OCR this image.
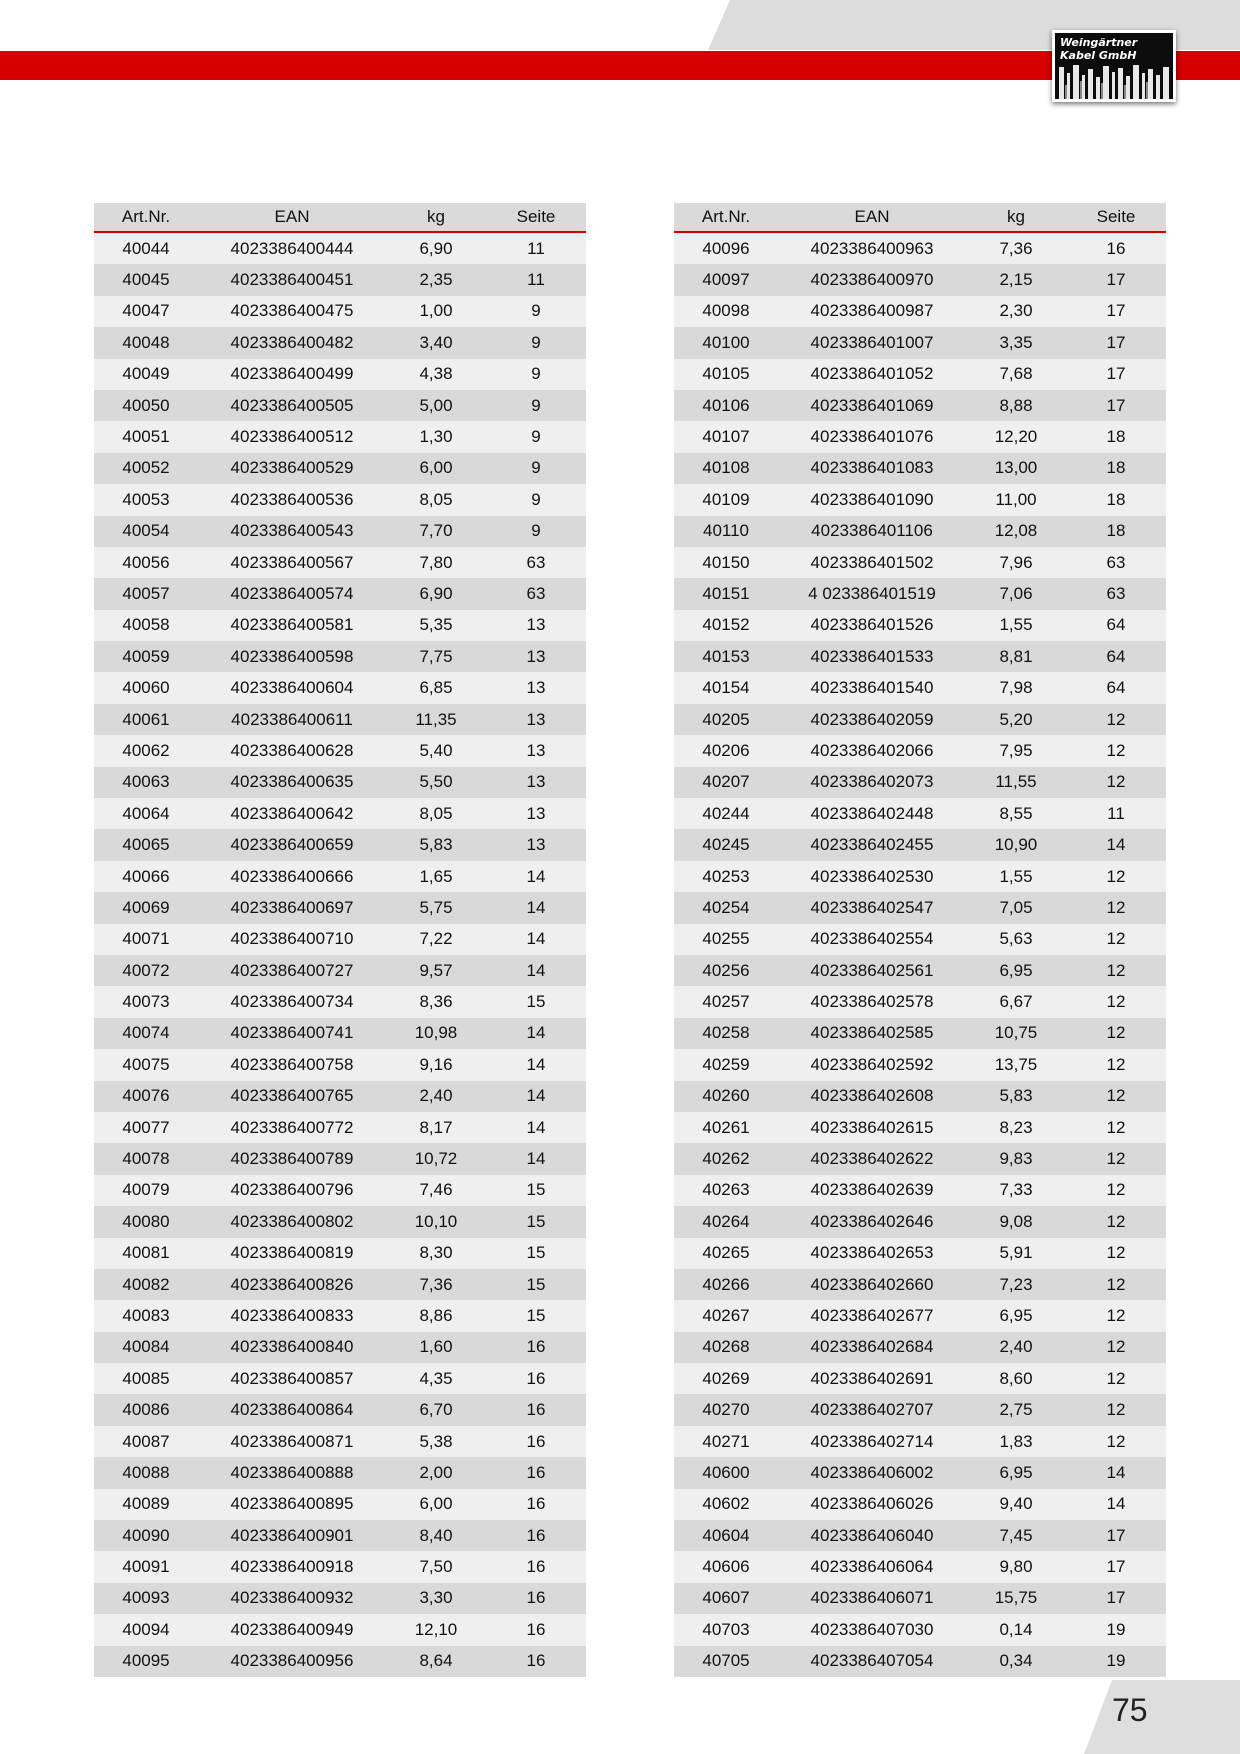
Weingärtner
Kabel GmbH
Art.Nr.	EAN	kg	Seite
40044	4023386400444	6,90	11
40045	4023386400451	2,35	11
40047	4023386400475	1,00	9
40048	4023386400482	3,40	9
40049	4023386400499	4,38	9
40050	4023386400505	5,00	9
40051	4023386400512	1,30	9
40052	4023386400529	6,00	9
40053	4023386400536	8,05	9
40054	4023386400543	7,70	9
40056	4023386400567	7,80	63
40057	4023386400574	6,90	63
40058	4023386400581	5,35	13
40059	4023386400598	7,75	13
40060	4023386400604	6,85	13
40061	4023386400611	11,35	13
40062	4023386400628	5,40	13
40063	4023386400635	5,50	13
40064	4023386400642	8,05	13
40065	4023386400659	5,83	13
40066	4023386400666	1,65	14
40069	4023386400697	5,75	14
40071	4023386400710	7,22	14
40072	4023386400727	9,57	14
40073	4023386400734	8,36	15
40074	4023386400741	10,98	14
40075	4023386400758	9,16	14
40076	4023386400765	2,40	14
40077	4023386400772	8,17	14
40078	4023386400789	10,72	14
40079	4023386400796	7,46	15
40080	4023386400802	10,10	15
40081	4023386400819	8,30	15
40082	4023386400826	7,36	15
40083	4023386400833	8,86	15
40084	4023386400840	1,60	16
40085	4023386400857	4,35	16
40086	4023386400864	6,70	16
40087	4023386400871	5,38	16
40088	4023386400888	2,00	16
40089	4023386400895	6,00	16
40090	4023386400901	8,40	16
40091	4023386400918	7,50	16
40093	4023386400932	3,30	16
40094	4023386400949	12,10	16
40095	4023386400956	8,64	16
Art.Nr.	EAN	kg	Seite
40096	4023386400963	7,36	16
40097	4023386400970	2,15	17
40098	4023386400987	2,30	17
40100	4023386401007	3,35	17
40105	4023386401052	7,68	17
40106	4023386401069	8,88	17
40107	4023386401076	12,20	18
40108	4023386401083	13,00	18
40109	4023386401090	11,00	18
40110	4023386401106	12,08	18
40150	4023386401502	7,96	63
40151	4 023386401519	7,06	63
40152	4023386401526	1,55	64
40153	4023386401533	8,81	64
40154	4023386401540	7,98	64
40205	4023386402059	5,20	12
40206	4023386402066	7,95	12
40207	4023386402073	11,55	12
40244	4023386402448	8,55	11
40245	4023386402455	10,90	14
40253	4023386402530	1,55	12
40254	4023386402547	7,05	12
40255	4023386402554	5,63	12
40256	4023386402561	6,95	12
40257	4023386402578	6,67	12
40258	4023386402585	10,75	12
40259	4023386402592	13,75	12
40260	4023386402608	5,83	12
40261	4023386402615	8,23	12
40262	4023386402622	9,83	12
40263	4023386402639	7,33	12
40264	4023386402646	9,08	12
40265	4023386402653	5,91	12
40266	4023386402660	7,23	12
40267	4023386402677	6,95	12
40268	4023386402684	2,40	12
40269	4023386402691	8,60	12
40270	4023386402707	2,75	12
40271	4023386402714	1,83	12
40600	4023386406002	6,95	14
40602	4023386406026	9,40	14
40604	4023386406040	7,45	17
40606	4023386406064	9,80	17
40607	4023386406071	15,75	17
40703	4023386407030	0,14	19
40705	4023386407054	0,34	19
75
